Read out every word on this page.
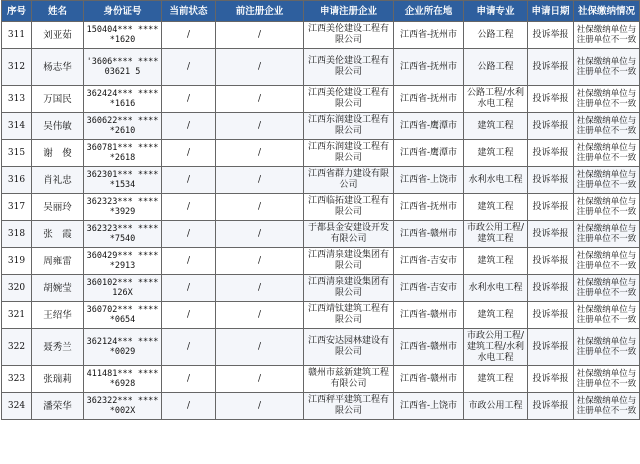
序号	姓名	身份证号	当前状态	前注册企业	申请注册企业	企业所在地	申请专业	申请日期	社保缴纳情况
311	刘亚茹	150404*** *****1620	/	/	江西美伦建设工程有限公司	江西省-抚州市	公路工程	投诉举报	社保缴纳单位与注册单位不一致
312	杨志华	'3606**** ****03621 5	/	/	江西美伦建设工程有限公司	江西省-抚州市	公路工程	投诉举报	社保缴纳单位与注册单位不一致
313	万国民	362424*** *****1616	/	/	江西美伦建设工程有限公司	江西省-抚州市	公路工程/水利水电工程	投诉举报	社保缴纳单位与注册单位不一致
314	吴伟敏	360622*** *****2610	/	/	江西东润建设工程有限公司	江西省-鹰潭市	建筑工程	投诉举报	社保缴纳单位与注册单位不一致
315	谢　俊	360781*** *****2618	/	/	江西东润建设工程有限公司	江西省-鹰潭市	建筑工程	投诉举报	社保缴纳单位与注册单位不一致
316	肖礼忠	362301*** *****1534	/	/	江西省群力建设有限公司	江西省-上饶市	水利水电工程	投诉举报	社保缴纳单位与注册单位不一致
317	吴丽玲	362323*** *****3929	/	/	江西临拓建设工程有限公司	江西省-抚州市	建筑工程	投诉举报	社保缴纳单位与注册单位不一致
318	张　霞	362323*** *****7540	/	/	于都县金安建设开发有限公司	江西省-赣州市	市政公用工程/建筑工程	投诉举报	社保缴纳单位与注册单位不一致
319	周雍雷	360429*** *****2913	/	/	江西清泉建设集团有限公司	江西省-吉安市	建筑工程	投诉举报	社保缴纳单位与注册单位不一致
320	胡婉莹	360102*** ****126X	/	/	江西清泉建设集团有限公司	江西省-吉安市	水利水电工程	投诉举报	社保缴纳单位与注册单位不一致
321	王绍华	360702*** *****0654	/	/	江西靖钛建筑工程有限公司	江西省-赣州市	建筑工程	投诉举报	社保缴纳单位与注册单位不一致
322	聂秀兰	362124*** *****0029	/	/	江西安达园林建设有限公司	江西省-赣州市	市政公用工程/建筑工程/水利水电工程	投诉举报	社保缴纳单位与注册单位不一致
323	张瑞莉	411481*** *****6928	/	/	赣州市兹新建筑工程有限公司	江西省-赣州市	建筑工程	投诉举报	社保缴纳单位与注册单位不一致
324	潘荣华	362322*** *****002X	/	/	江西秤平建筑工程有限公司	江西省-上饶市	市政公用工程	投诉举报	社保缴纳单位与注册单位不一致
